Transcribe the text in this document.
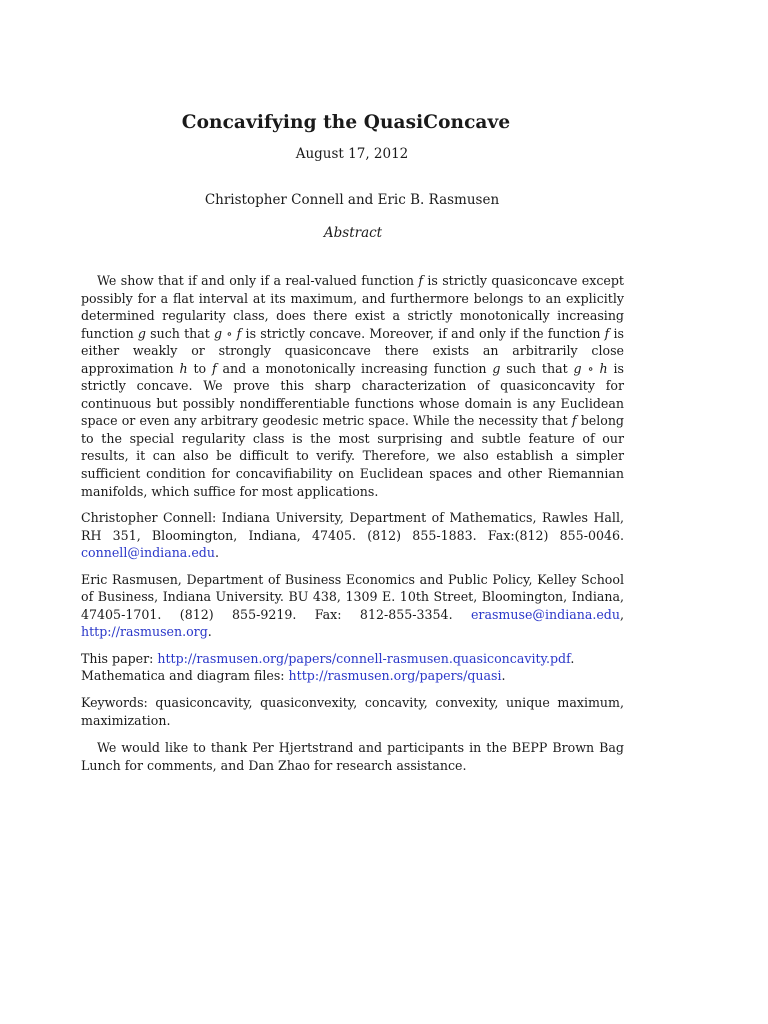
Concavifying the QuasiConcave
August 17, 2012
Christopher Connell and Eric B. Rasmusen
Abstract

We show that if and only if a real-valued function f is strictly quasiconcave except possibly for a flat interval at its maximum, and furthermore belongs to an explicitly determined regularity class, does there exist a strictly monotonically increasing function g such that g ∘ f is strictly concave. Moreover, if and only if the function f is either weakly or strongly quasiconcave there exists an arbitrarily close approximation h to f and a monotonically increasing function g such that g ∘ h is strictly concave. We prove this sharp characterization of quasiconcavity for continuous but possibly nondifferentiable functions whose domain is any Euclidean space or even any arbitrary geodesic metric space. While the necessity that f belong to the special regularity class is the most surprising and subtle feature of our results, it can also be difficult to verify. Therefore, we also establish a simpler sufficient condition for concavifiability on Euclidean spaces and other Riemannian manifolds, which suffice for most applications.

Christopher Connell: Indiana University, Department of Mathematics, Rawles Hall, RH 351, Bloomington, Indiana, 47405. (812) 855-1883. Fax:(812) 855-0046. connell@indiana.edu.

Eric Rasmusen, Department of Business Economics and Public Policy, Kelley School of Business, Indiana University. BU 438, 1309 E. 10th Street, Bloomington, Indiana, 47405-1701. (812) 855-9219. Fax: 812-855-3354. erasmuse@indiana.edu, http://rasmusen.org.

This paper: http://rasmusen.org/papers/connell-rasmusen.quasiconcavity.pdf.
Mathematica and diagram files: http://rasmusen.org/papers/quasi.

Keywords: quasiconcavity, quasiconvexity, concavity, convexity, unique maximum, maximization.

We would like to thank Per Hjertstrand and participants in the BEPP Brown Bag Lunch for comments, and Dan Zhao for research assistance.
